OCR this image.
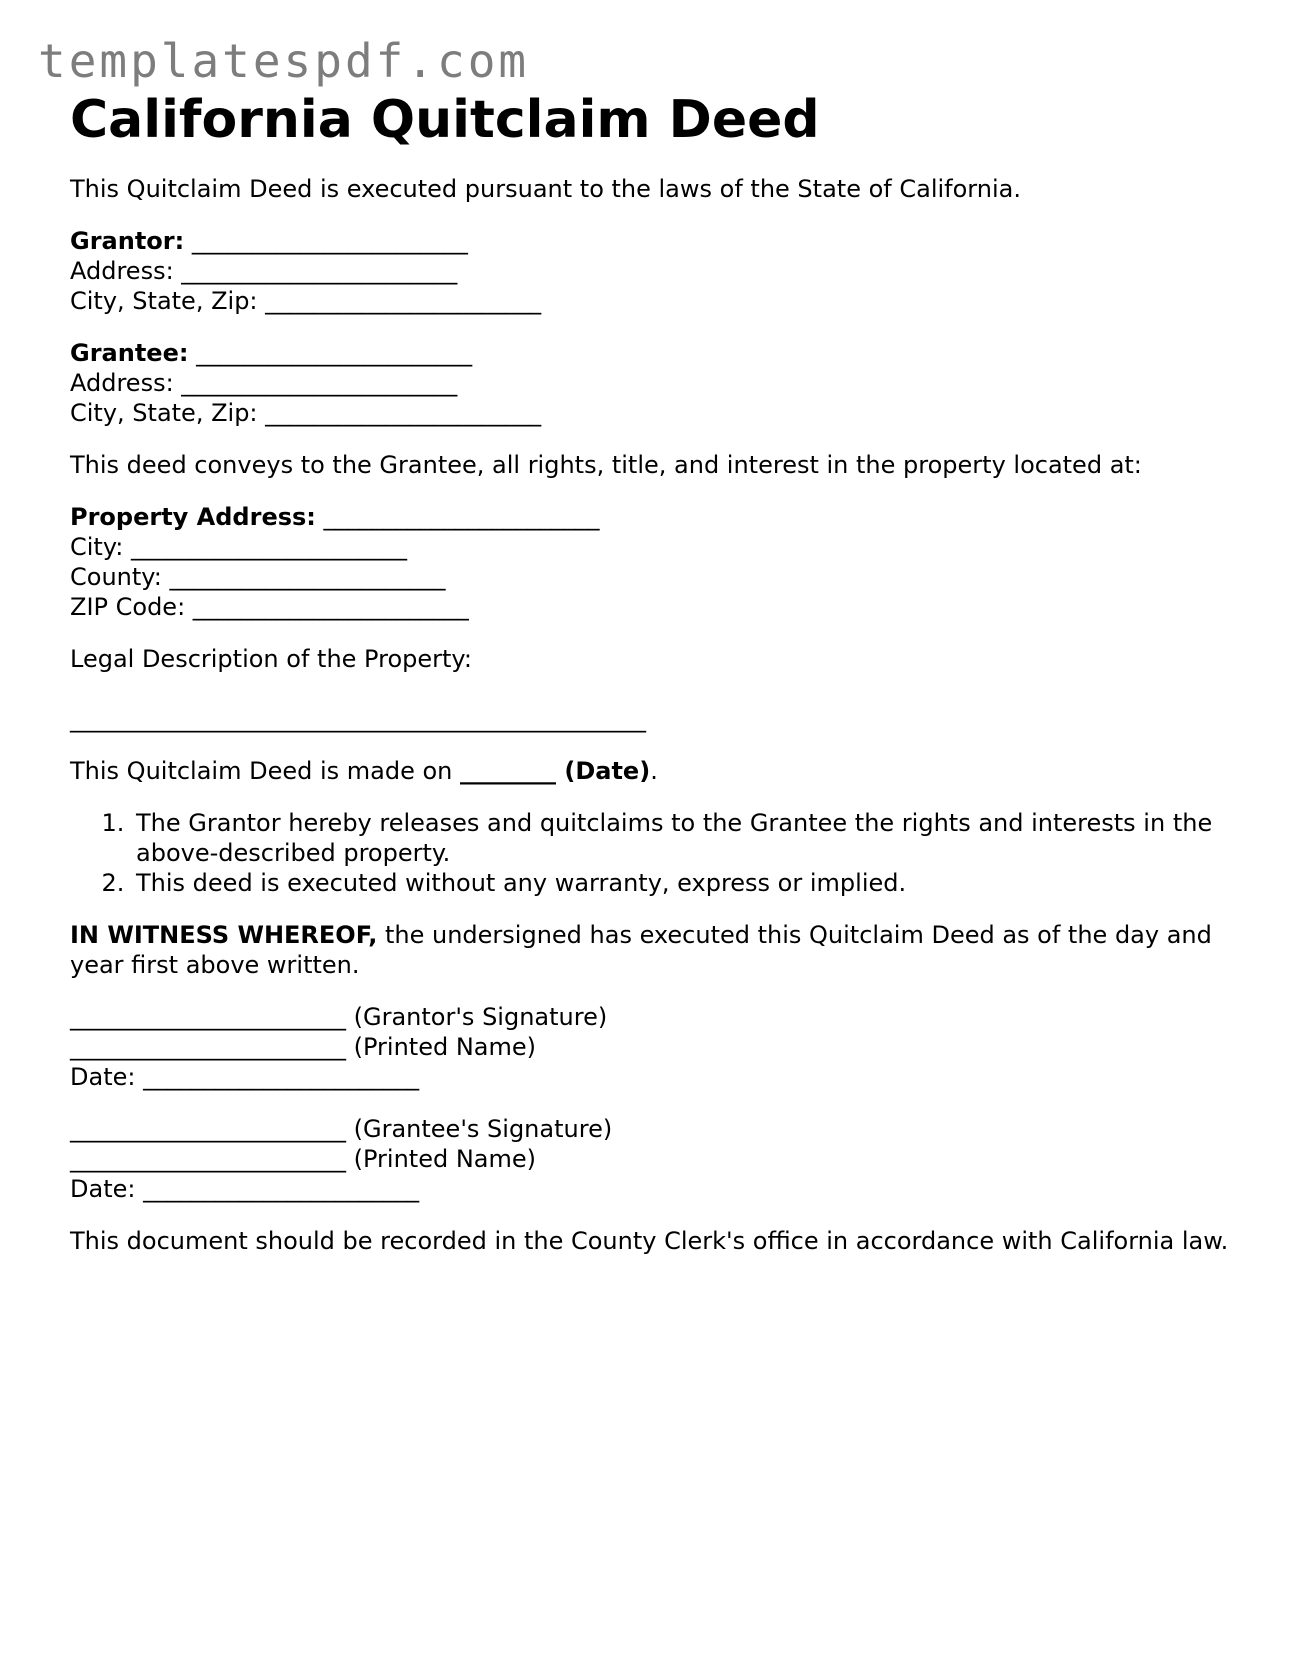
templatespdf.com
California Quitclaim Deed

This Quitclaim Deed is executed pursuant to the laws of the State of California.

Grantor: _______________________

Address: _______________________

City, State, Zip: _______________________

Grantee: _______________________

Address: _______________________

City, State, Zip: _______________________

This deed conveys to the Grantee, all rights, title, and interest in the property located at:

Property Address: _______________________

City: _______________________

County: _______________________

ZIP Code: _______________________

Legal Description of the Property:

________________________________________________

This Quitclaim Deed is made on ________ (Date).

1. The Grantor hereby releases and quitclaims to the Grantee the rights and interests in the above-described property.
2. This deed is executed without any warranty, express or implied.

IN WITNESS WHEREOF, the undersigned has executed this Quitclaim Deed as of the day and year first above written.

_______________________ (Grantor's Signature)

_______________________ (Printed Name)

Date: _______________________

_______________________ (Grantee's Signature)

_______________________ (Printed Name)

Date: _______________________

This document should be recorded in the County Clerk's office in accordance with California law.
